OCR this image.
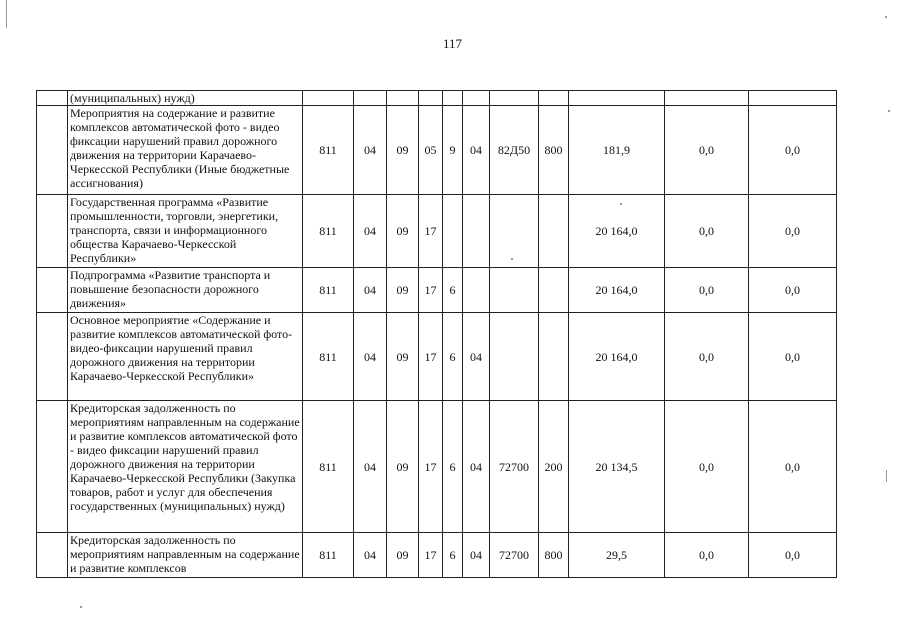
117
	(муниципальных) нужд)											
	Мероприятия на содержание и развитие комплексов автоматической фото - видео фиксации нарушений правил дорожного движения на территории Карачаево-Черкесской Республики (Иные бюджетные ассигнования)	811	04	09	05	9	04	82Д50	800	181,9	0,0	0,0
	Государственная программа «Развитие промышленности, торговли, энергетики, транспорта, связи и информационного общества Карачаево-Черкесской Республики»	811	04	09	17					20 164,0	0,0	0,0
	Подпрограмма «Развитие транспорта и повышение безопасности дорожного движения»	811	04	09	17	6				20 164,0	0,0	0,0
	Основное мероприятие «Содержание и развитие комплексов автоматической фото-видео-фиксации нарушений правил дорожного движения на территории Карачаево-Черкесской Республики»	811	04	09	17	6	04			20 164,0	0,0	0,0
	Кредиторская задолженность по мероприятиям направленным на содержание и развитие комплексов автоматической фото - видео фиксации нарушений правил дорожного движения на территории Карачаево-Черкесской Республики (Закупка товаров, работ и услуг для обеспечения государственных (муниципальных) нужд)	811	04	09	17	6	04	72700	200	20 134,5	0,0	0,0
	Кредиторская задолженность по мероприятиям направленным на содержание и развитие комплексов	811	04	09	17	6	04	72700	800	29,5	0,0	0,0
